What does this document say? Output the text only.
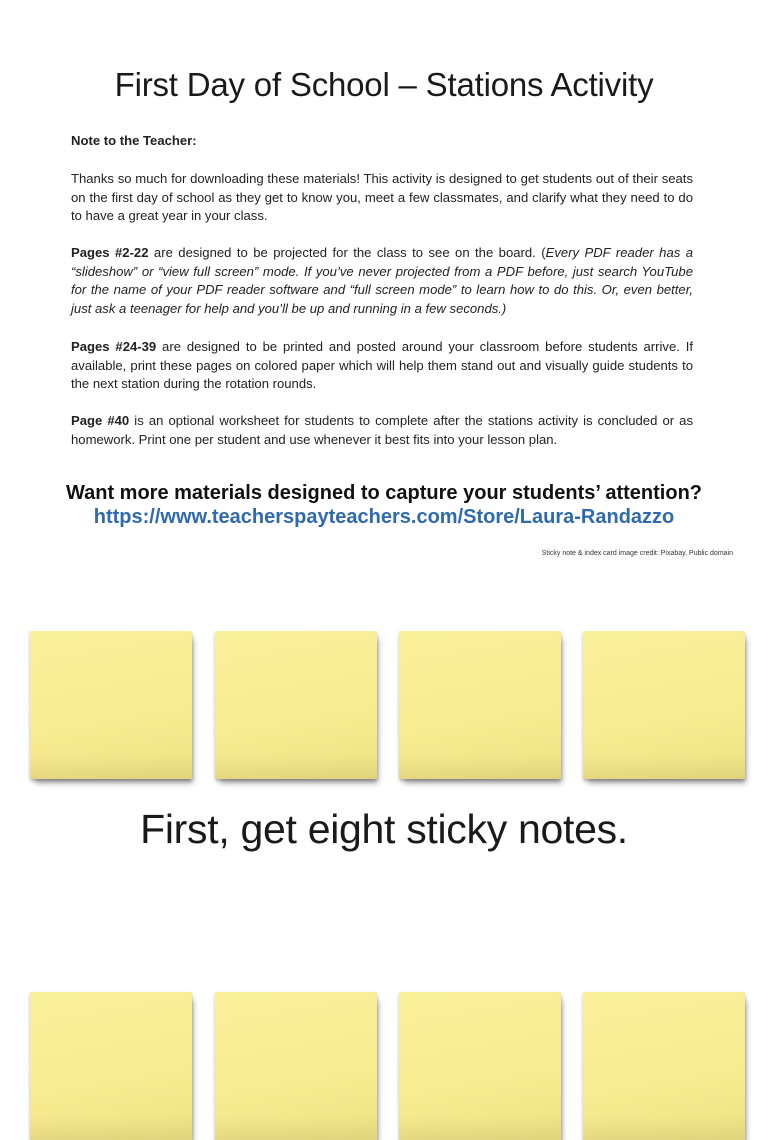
First Day of School – Stations Activity
Note to the Teacher:

Thanks so much for downloading these materials! This activity is designed to get students out of their seats on the first day of school as they get to know you, meet a few classmates, and clarify what they need to do to have a great year in your class.

Pages #2-22 are designed to be projected for the class to see on the board. (Every PDF reader has a “slideshow” or “view full screen” mode. If you’ve never projected from a PDF before, just search YouTube for the name of your PDF reader software and “full screen mode” to learn how to do this. Or, even better, just ask a teenager for help and you’ll be up and running in a few seconds.)

Pages #24-39 are designed to be printed and posted around your classroom before students arrive. If available, print these pages on colored paper which will help them stand out and visually guide students to the next station during the rotation rounds.

Page #40 is an optional worksheet for students to complete after the stations activity is concluded or as homework. Print one per student and use whenever it best fits into your lesson plan.

Want more materials designed to capture your students’ attention?
https://www.teacherspayteachers.com/Store/Laura-Randazzo
Sticky note & index card image credit: Pixabay, Public domain
First, get eight sticky notes.
